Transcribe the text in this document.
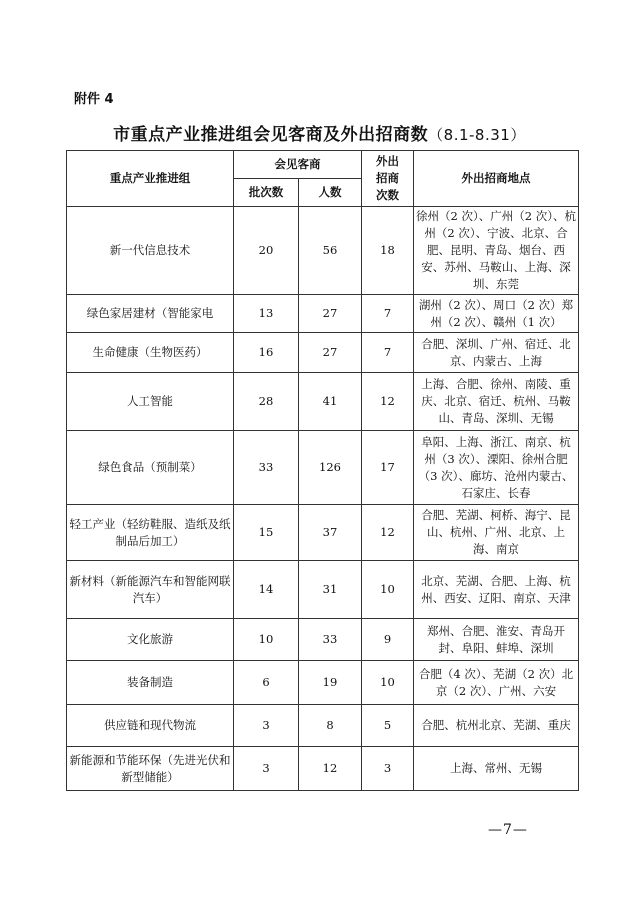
附件 4
市重点产业推进组会见客商及外出招商数（8.1-8.31）
重点产业推进组	会见客商		外出招商次数	外出招商地点
	批次数	人数		
新一代信息技术	20	56	18	徐州（2 次）、广州（2 次）、杭州（2 次）、宁波、北京、合肥、昆明、青岛、烟台、西安、苏州、马鞍山、上海、深圳、东莞
绿色家居建材（智能家电	13	27	7	湖州（2 次）、周口（2 次）郑州（2 次）、赣州（1 次）
生命健康（生物医药）	16	27	7	合肥、深圳、广州、宿迁、北京、内蒙古、上海
人工智能	28	41	12	上海、合肥、徐州、南陵、重庆、北京、宿迁、杭州、马鞍山、青岛、深圳、无锡
绿色食品（预制菜）	33	126	17	阜阳、上海、浙江、南京、杭州（3 次）、溧阳、徐州合肥（3 次）、廊坊、沧州内蒙古、石家庄、长春
轻工产业（轻纺鞋服、造纸及纸制品后加工）	15	37	12	合肥、芜湖、柯桥、海宁、昆山、杭州、广州、北京、上海、南京
新材料（新能源汽车和智能网联汽车）	14	31	10	北京、芜湖、合肥、上海、杭州、西安、辽阳、南京、天津
文化旅游	10	33	9	郑州、合肥、淮安、青岛开封、阜阳、蚌埠、深圳
装备制造	6	19	10	合肥（4 次）、芜湖（2 次）北京（2 次）、广州、六安
供应链和现代物流	3	8	5	合肥、杭州北京、芜湖、重庆
新能源和节能环保（先进光伏和新型储能）	3	12	3	上海、常州、无锡
—7—
